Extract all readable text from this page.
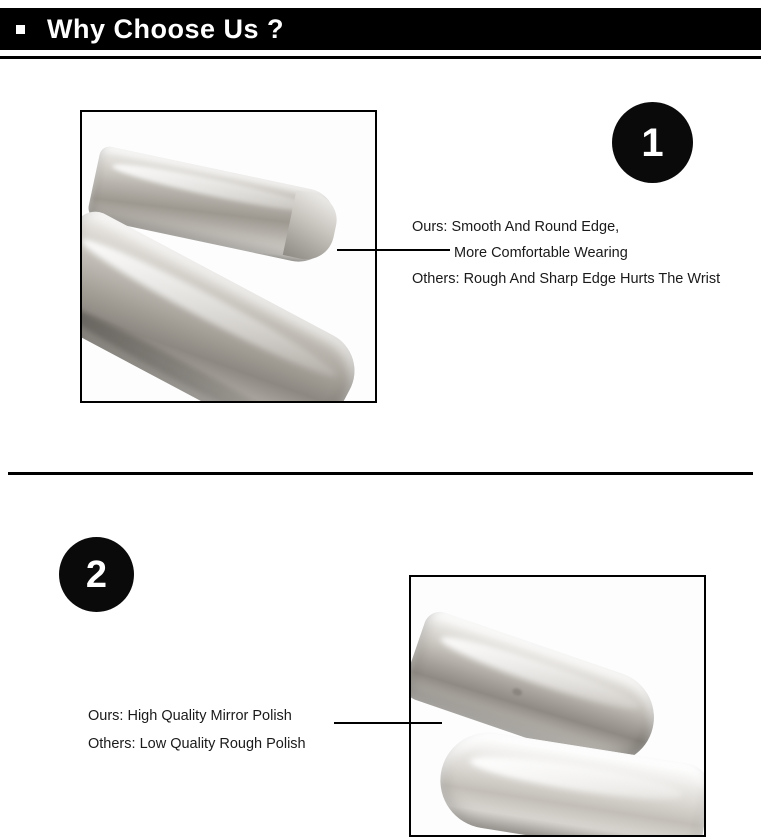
Why Choose Us ?
1
Ours: Smooth And Round Edge,
More Comfortable Wearing
Others: Rough And Sharp Edge Hurts The Wrist
2
Ours: High Quality Mirror Polish
Others: Low Quality Rough Polish
